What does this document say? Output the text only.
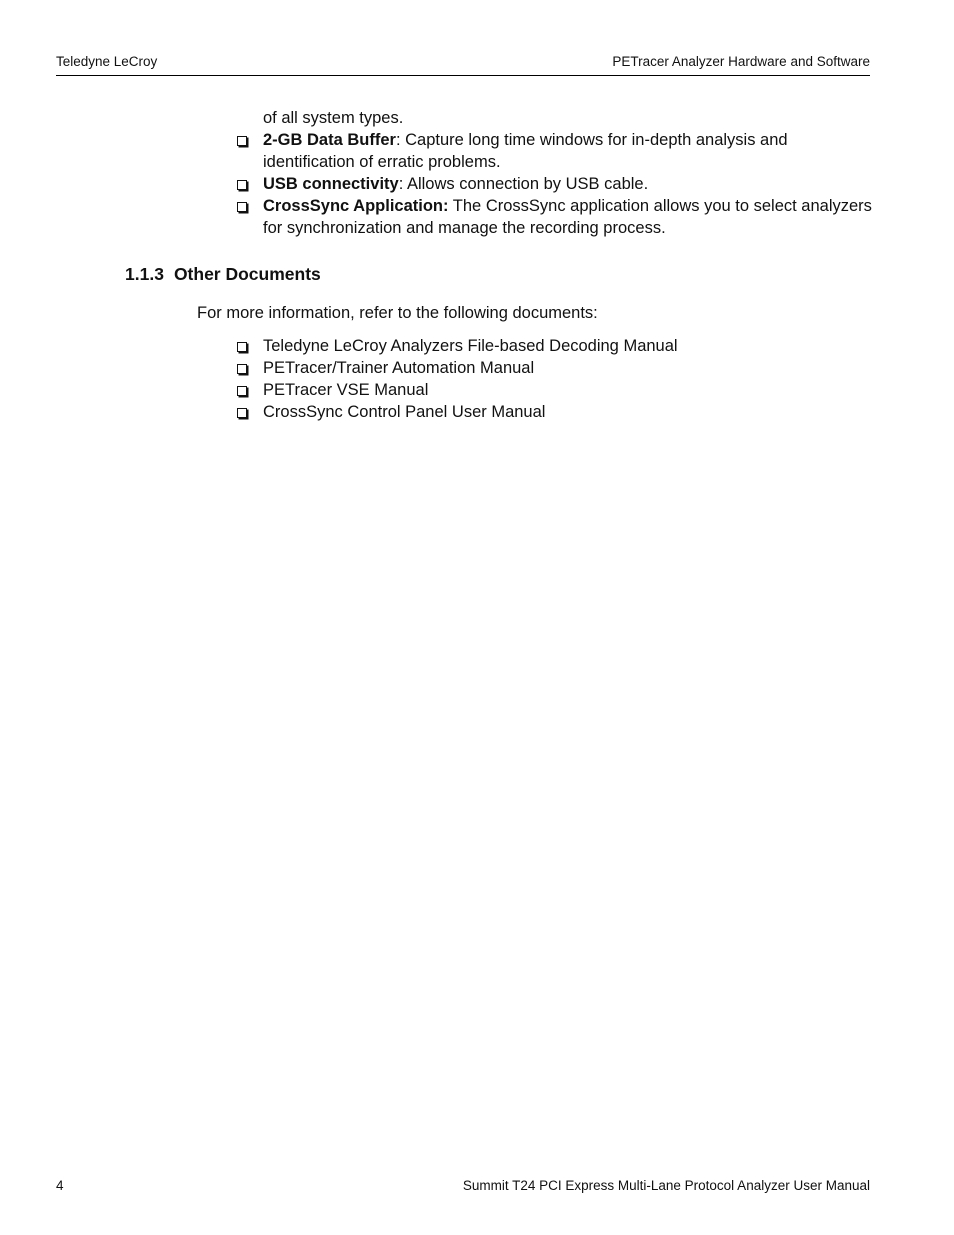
Teledyne LeCroy	PETracer Analyzer Hardware and Software
of all system types.
2-GB Data Buffer: Capture long time windows for in-depth analysis and identification of erratic problems.
USB connectivity: Allows connection by USB cable.
CrossSync Application: The CrossSync application allows you to select analyzers for synchronization and manage the recording process.
1.1.3 Other Documents

For more information, refer to the following documents:

Teledyne LeCroy Analyzers File-based Decoding Manual
PETracer/Trainer Automation Manual
PETracer VSE Manual
CrossSync Control Panel User Manual
4	Summit T24 PCI Express Multi-Lane Protocol Analyzer User Manual
